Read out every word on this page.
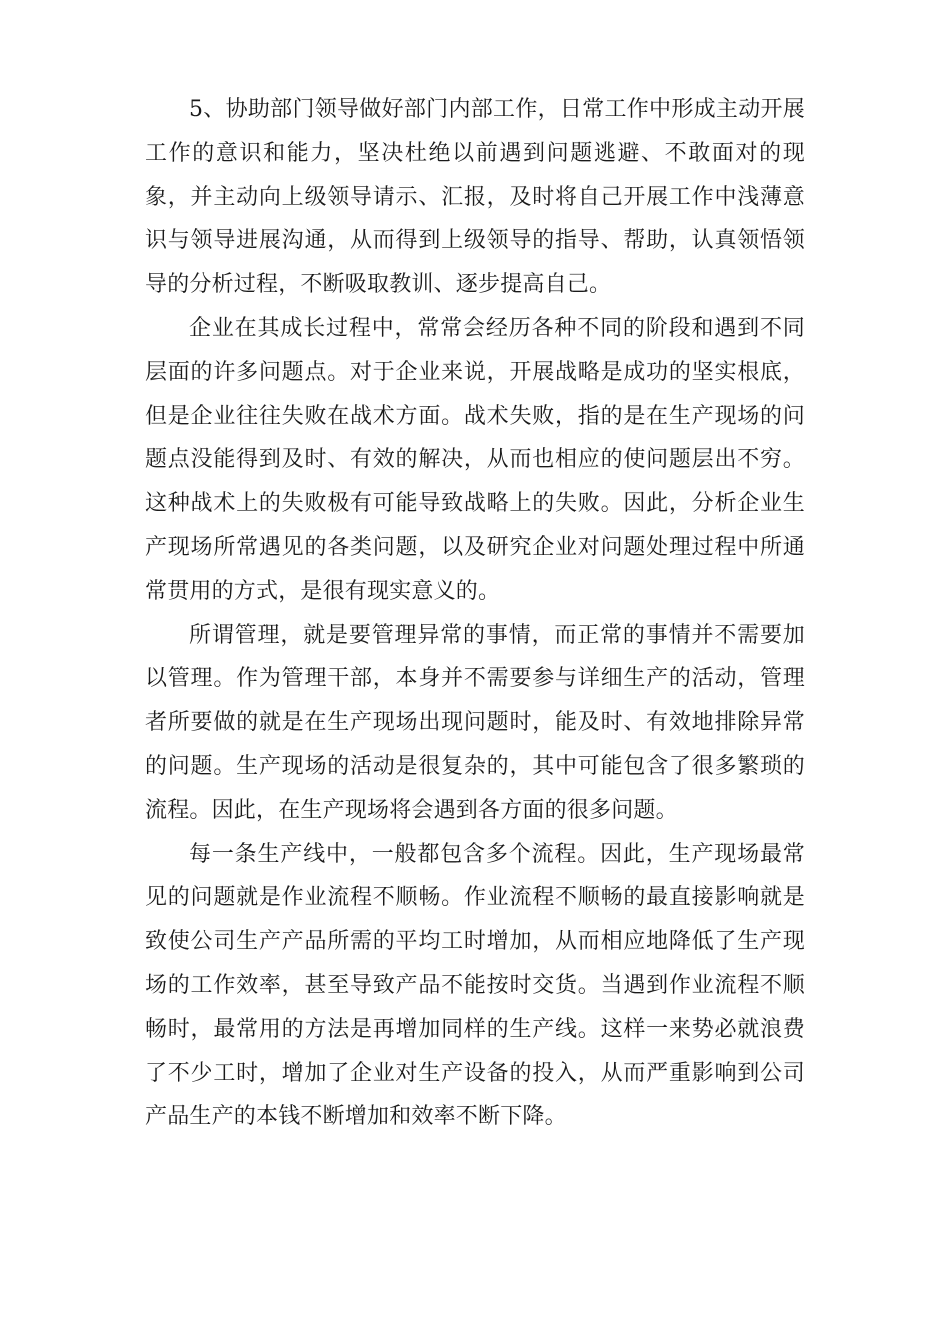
5、协助部门领导做好部门内部工作，日常工作中形成主动开展工作的意识和能力，坚决杜绝以前遇到问题逃避、不敢面对的现象，并主动向上级领导请示、汇报，及时将自己开展工作中浅薄意识与领导进展沟通，从而得到上级领导的指导、帮助，认真领悟领导的分析过程，不断吸取教训、逐步提高自己。

企业在其成长过程中，常常会经历各种不同的阶段和遇到不同层面的许多问题点。对于企业来说，开展战略是成功的坚实根底，但是企业往往失败在战术方面。战术失败，指的是在生产现场的问题点没能得到及时、有效的解决，从而也相应的使问题层出不穷。这种战术上的失败极有可能导致战略上的失败。因此，分析企业生产现场所常遇见的各类问题，以及研究企业对问题处理过程中所通常贯用的方式，是很有现实意义的。

所谓管理，就是要管理异常的事情，而正常的事情并不需要加以管理。作为管理干部，本身并不需要参与详细生产的活动，管理者所要做的就是在生产现场出现问题时，能及时、有效地排除异常的问题。生产现场的活动是很复杂的，其中可能包含了很多繁琐的流程。因此，在生产现场将会遇到各方面的很多问题。

每一条生产线中，一般都包含多个流程。因此，生产现场最常见的问题就是作业流程不顺畅。作业流程不顺畅的最直接影响就是致使公司生产产品所需的平均工时增加，从而相应地降低了生产现场的工作效率，甚至导致产品不能按时交货。当遇到作业流程不顺畅时，最常用的方法是再增加同样的生产线。这样一来势必就浪费了不少工时，增加了企业对生产设备的投入，从而严重影响到公司产品生产的本钱不断增加和效率不断下降。
